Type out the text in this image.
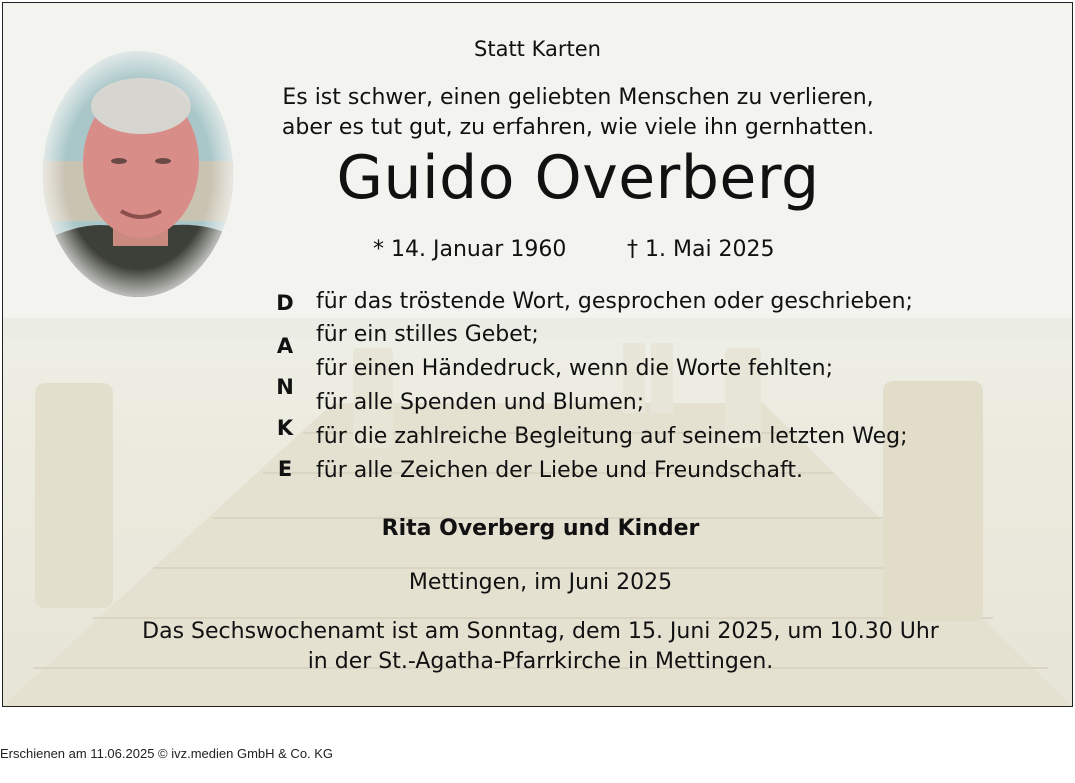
Statt Karten
Es ist schwer, einen geliebten Menschen zu verlieren,
aber es tut gut, zu erfahren, wie viele ihn gernhatten.
Guido Overberg
* 14. Januar 1960	† 1. Mai 2025
D
A
N
K
E
für das tröstende Wort, gesprochen oder geschrieben;
für ein stilles Gebet;
für einen Händedruck, wenn die Worte fehlten;
für alle Spenden und Blumen;
für die zahlreiche Begleitung auf seinem letzten Weg;
für alle Zeichen der Liebe und Freundschaft.
Rita Overberg und Kinder
Mettingen, im Juni 2025
Das Sechswochenamt ist am Sonntag, dem 15. Juni 2025, um 10.30 Uhr
in der St.-Agatha-Pfarrkirche in Mettingen.
Erschienen am 11.06.2025 © ivz.medien GmbH & Co. KG
